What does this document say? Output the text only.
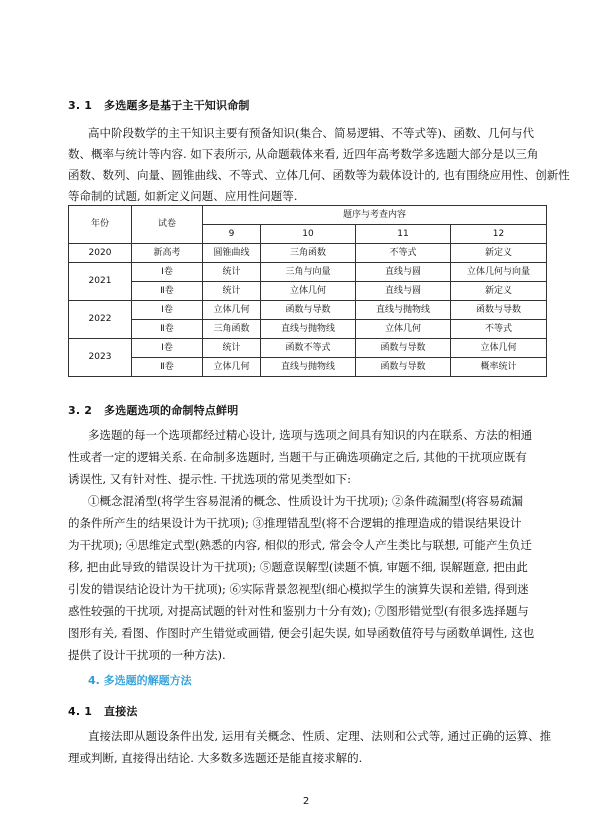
3. 1 多选题多是基于主干知识命制
高中阶段数学的主干知识主要有预备知识(集合、简易逻辑、不等式等)、函数、几何与代
数、概率与统计等内容. 如下表所示, 从命题载体来看, 近四年高考数学多选题大部分是以三角
函数、数列、向量、圆锥曲线、不等式、立体几何、函数等为载体设计的, 也有围绕应用性、创新性
等命制的试题, 如新定义问题、应用性问题等.
年份	试卷	题序与考查内容			
		9	10	11	12
2020	新高考	圆锥曲线	三角函数	不等式	新定义
2021	Ⅰ卷	统计	三角与向量	直线与圆	立体几何与向量
	Ⅱ卷	统计	立体几何	直线与圆	新定义
2022	Ⅰ卷	立体几何	函数与导数	直线与抛物线	函数与导数
	Ⅱ卷	三角函数	直线与抛物线	立体几何	不等式
2023	Ⅰ卷	统计	函数不等式	函数与导数	立体几何
	Ⅱ卷	立体几何	直线与抛物线	函数与导数	概率统计
3. 2 多选题选项的命制特点鲜明
多选题的每一个选项都经过精心设计, 选项与选项之间具有知识的内在联系、方法的相通
性或者一定的逻辑关系. 在命制多选题时, 当题干与正确选项确定之后, 其他的干扰项应既有
诱误性, 又有针对性、提示性. 干扰选项的常见类型如下:
①概念混淆型(将学生容易混淆的概念、性质设计为干扰项); ②条件疏漏型(将容易疏漏
的条件所产生的结果设计为干扰项); ③推理错乱型(将不合逻辑的推理造成的错误结果设计
为干扰项); ④思维定式型(熟悉的内容, 相似的形式, 常会令人产生类比与联想, 可能产生负迁
移, 把由此导致的错误设计为干扰项); ⑤题意误解型(读题不慎, 审题不细, 误解题意, 把由此
引发的错误结论设计为干扰项); ⑥实际背景忽视型(细心模拟学生的演算失误和差错, 得到迷
惑性较强的干扰项, 对提高试题的针对性和鉴别力十分有效); ⑦图形错觉型(有很多选择题与
图形有关, 看图、作图时产生错觉或画错, 便会引起失误, 如导函数值符号与函数单调性, 这也
提供了设计干扰项的一种方法).
4. 多选题的解题方法
4. 1 直接法
直接法即从题设条件出发, 运用有关概念、性质、定理、法则和公式等, 通过正确的运算、推
理或判断, 直接得出结论. 大多数多选题还是能直接求解的.
2
